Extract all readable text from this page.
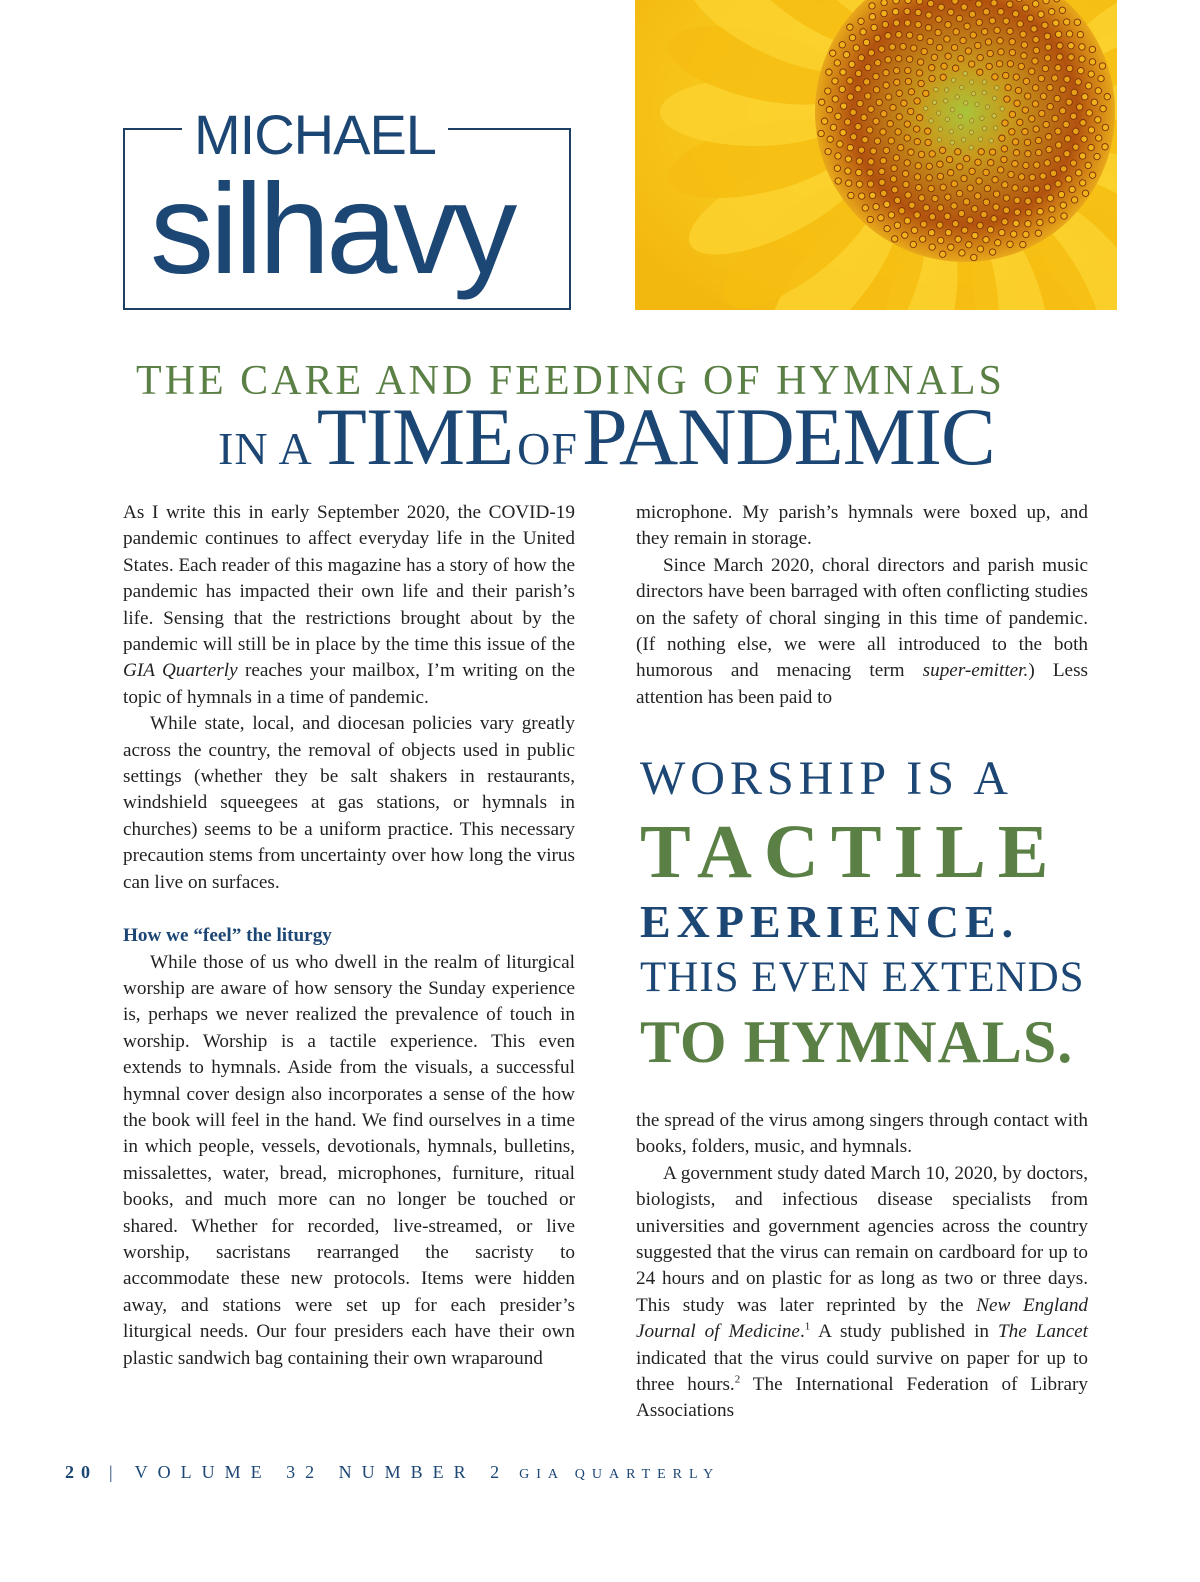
MICHAEL
silhavy
THE CARE AND FEEDING OF HYMNALS
IN A TIME OF PANDEMIC

As I write this in early September 2020, the COVID-19 pandemic continues to affect everyday life in the United States. Each reader of this magazine has a story of how the pandemic has impacted their own life and their parish’s life. Sensing that the restrictions brought about by the pandemic will still be in place by the time this issue of the GIA Quarterly reaches your mailbox, I’m writing on the topic of hymnals in a time of pandemic.

While state, local, and diocesan policies vary greatly across the country, the removal of objects used in public settings (whether they be salt shakers in restaurants, windshield squeegees at gas stations, or hymnals in churches) seems to be a uniform practice. This necessary precaution stems from uncertainty over how long the virus can live on surfaces.

How we “feel” the liturgy

While those of us who dwell in the realm of liturgical worship are aware of how sensory the Sunday experience is, perhaps we never realized the prevalence of touch in worship. Worship is a tactile experience. This even extends to hymnals. Aside from the visuals, a successful hymnal cover design also incorporates a sense of the how the book will feel in the hand. We find ourselves in a time in which people, vessels, devotionals, hymnals, bulletins, missalettes, water, bread, microphones, furniture, ritual books, and much more can no longer be touched or shared. Whether for recorded, live-streamed, or live worship, sacristans rearranged the sacristy to accommodate these new protocols. Items were hidden away, and stations were set up for each presider’s liturgical needs. Our four presiders each have their own plastic sandwich bag containing their own wraparound

microphone. My parish’s hymnals were boxed up, and they remain in storage.

Since March 2020, choral directors and parish music directors have been barraged with often conflicting studies on the safety of choral singing in this time of pandemic. (If nothing else, we were all introduced to the both humorous and menacing term super-emitter.) Less attention has been paid to

WORSHIP IS A
TACTILE
EXPERIENCE.
THIS EVEN EXTENDS
TO HYMNALS.

the spread of the virus among singers through contact with books, folders, music, and hymnals.

A government study dated March 10, 2020, by doctors, biologists, and infectious disease specialists from universities and government agencies across the country suggested that the virus can remain on cardboard for up to 24 hours and on plastic for as long as two or three days. This study was later reprinted by the New England Journal of Medicine.$^1$ A study published in The Lancet indicated that the virus could survive on paper for up to three hours.$^2$ The International Federation of Library Associations

20 | VOLUME 32 NUMBER 2 GIA QUARTERLY
